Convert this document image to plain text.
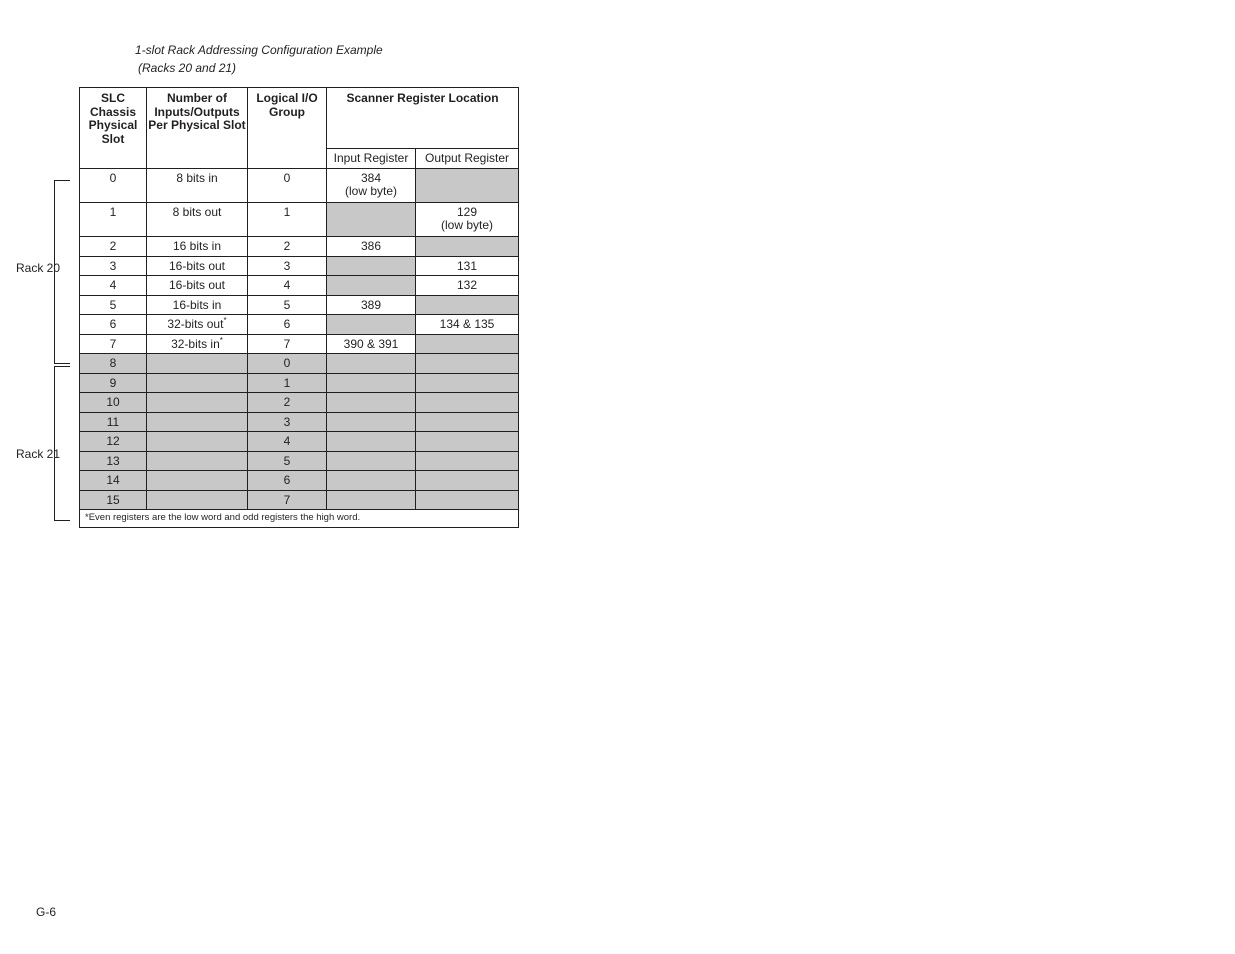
1-slot Rack Addressing Configuration Example
(Racks 20 and 21)
SLC Chassis Physical Slot	Number of Inputs/Outputs Per Physical Slot	Logical I/O Group	Scanner Register Location	
			Input Register	Output Register
0	8 bits in	0	384
(low byte)	
1	8 bits out	1		129
(low byte)
2	16 bits in	2	386	
3	16-bits out	3		131
4	16-bits out	4		132
5	16-bits in	5	389	
6	32-bits out*	6		134 & 135
7	32-bits in*	7	390 & 391	
8		0		
9		1		
10		2		
11		3		
12		4		
13		5		
14		6		
15		7		
*Even registers are the low word and odd registers the high word.				
Rack 20
Rack 21
G-6
